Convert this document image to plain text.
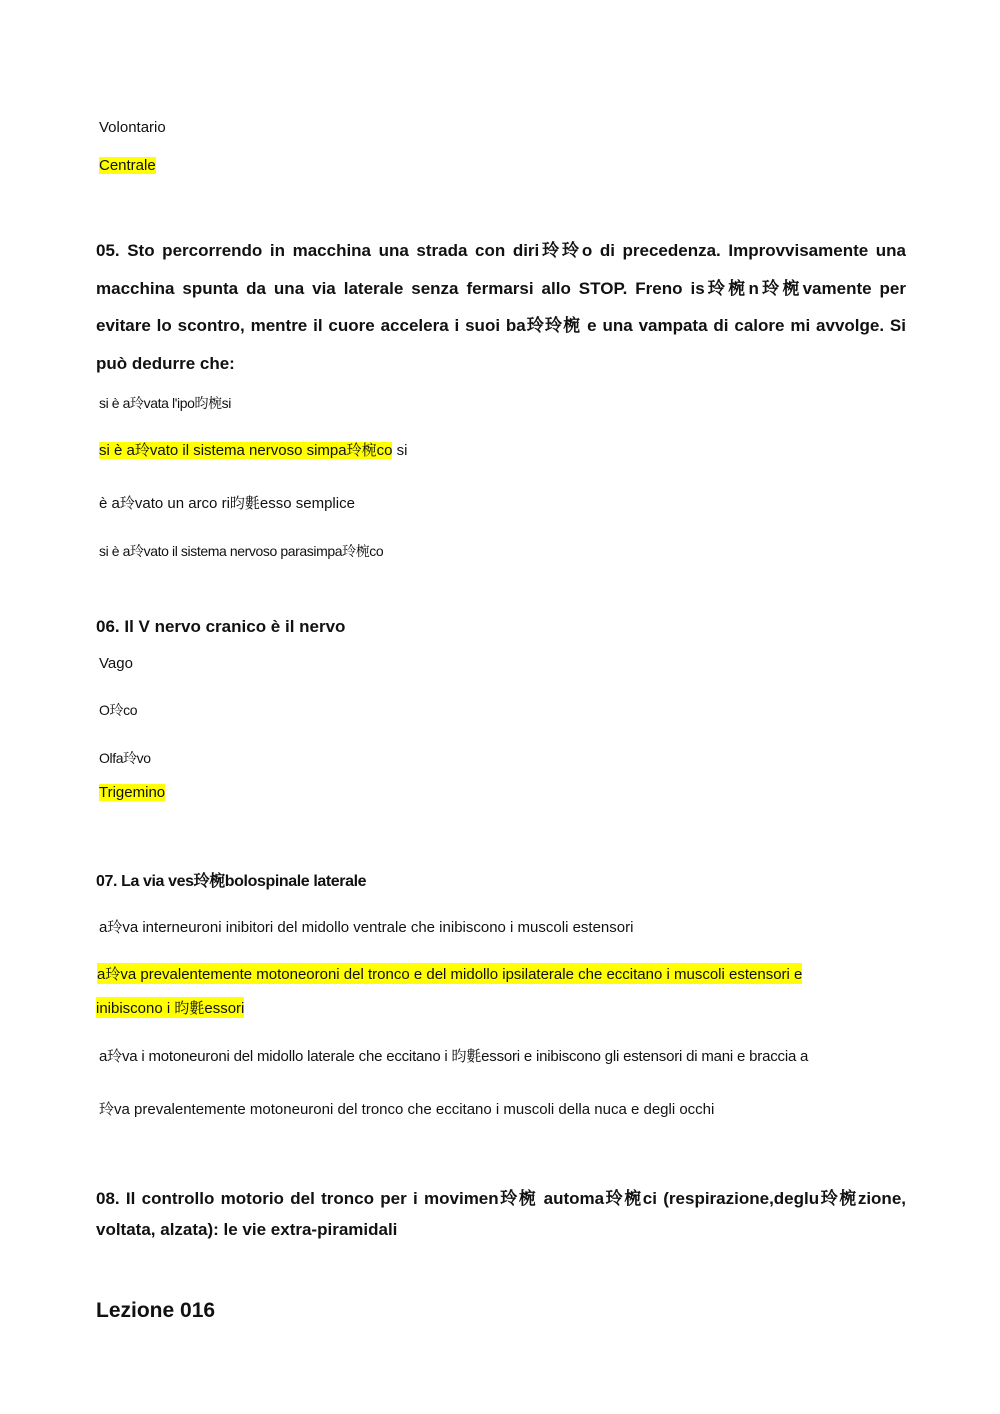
Volontario
Centrale
05. Sto percorrendo in macchina una strada con diri玲玲o di precedenza. Improvvisamente una macchina spunta da una via laterale senza fermarsi allo STOP. Freno is玲椀n玲椀vamente per evitare lo scontro, mentre il cuore accelera i suoi ba玲玲椀 e una vampata di calore mi avvolge. Si può dedurre che:
si è a玲vata l'ipo昀椀si
si è a玲vato il sistema nervoso simpa玲椀co si
è a玲vato un arco ri昀氀esso semplice
si è a玲vato il sistema nervoso parasimpa玲椀co
06. Il V nervo cranico è il nervo
Vago
O玲co
Olfa玲vo
Trigemino
07. La via ves玲椀bolospinale laterale
a玲va interneuroni inibitori del midollo ventrale che inibiscono i muscoli estensori
a玲va prevalentemente motoneoroni del tronco e del midollo ipsilaterale che eccitano i muscoli estensori e
inibiscono i 昀氀essori
a玲va i motoneuroni del midollo laterale che eccitano i 昀氀essori e inibiscono gli estensori di mani e braccia a
玲va prevalentemente motoneuroni del tronco che eccitano i muscoli della nuca e degli occhi
08. Il controllo motorio del tronco per i movimen玲椀 automa玲椀ci (respirazione,deglu玲椀zione, voltata, alzata): le vie extra-piramidali
Lezione 016
